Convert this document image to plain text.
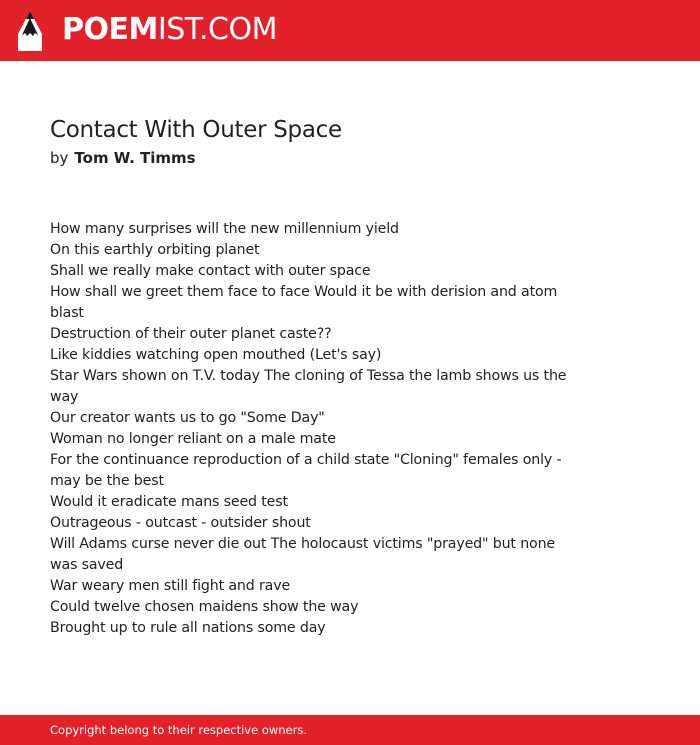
POEMIST.COM
Contact With Outer Space
by Tom W. Timms
How many surprises will the new millennium yield
On this earthly orbiting planet
Shall we really make contact with outer space
How shall we greet them face to face Would it be with derision and atom blast
Destruction of their outer planet caste??
Like kiddies watching open mouthed (Let's say)
Star Wars shown on T.V. today The cloning of Tessa the lamb shows us the way
Our creator wants us to go "Some Day"
Woman no longer reliant on a male mate
For the continuance reproduction of a child state "Cloning" females only - may be the best
Would it eradicate mans seed test
Outrageous - outcast - outsider shout
Will Adams curse never die out The holocaust victims "prayed" but none was saved
War weary men still fight and rave
Could twelve chosen maidens show the way
Brought up to rule all nations some day
Copyright belong to their respective owners.
